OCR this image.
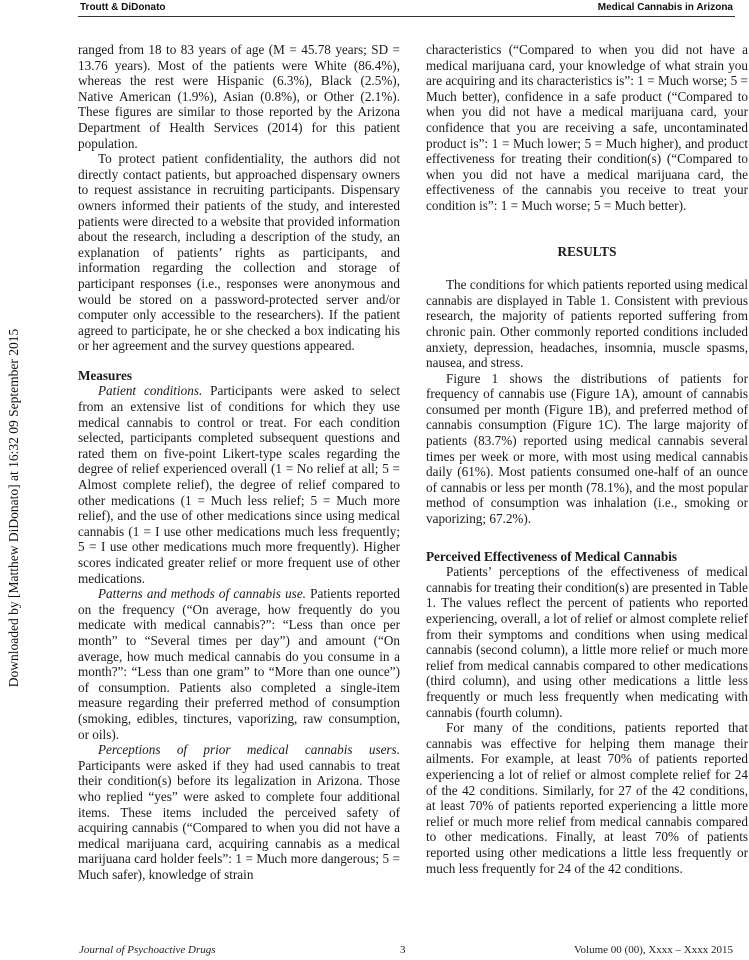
Troutt & DiDonato	Medical Cannabis in Arizona
Downloaded by [Matthew DiDonato] at 16:32 09 September 2015

ranged from 18 to 83 years of age (M = 45.78 years; SD = 13.76 years). Most of the patients were White (86.4%), whereas the rest were Hispanic (6.3%), Black (2.5%), Native American (1.9%), Asian (0.8%), or Other (2.1%). These figures are similar to those reported by the Arizona Department of Health Services (2014) for this patient population.

To protect patient confidentiality, the authors did not directly contact patients, but approached dispensary owners to request assistance in recruiting participants. Dispensary owners informed their patients of the study, and interested patients were directed to a website that provided information about the research, including a description of the study, an explanation of patients’ rights as participants, and information regarding the collection and storage of participant responses (i.e., responses were anonymous and would be stored on a password-protected server and/or computer only accessible to the researchers). If the patient agreed to participate, he or she checked a box indicating his or her agreement and the survey questions appeared.

Measures

Patient conditions. Participants were asked to select from an extensive list of conditions for which they use medical cannabis to control or treat. For each condition selected, participants completed subsequent questions and rated them on five-point Likert-type scales regarding the degree of relief experienced overall (1 = No relief at all; 5 = Almost complete relief), the degree of relief compared to other medications (1 = Much less relief; 5 = Much more relief), and the use of other medications since using medical cannabis (1 = I use other medications much less frequently; 5 = I use other medications much more frequently). Higher scores indicated greater relief or more frequent use of other medications.

Patterns and methods of cannabis use. Patients reported on the frequency (“On average, how frequently do you medicate with medical cannabis?”: “Less than once per month” to “Several times per day”) and amount (“On average, how much medical cannabis do you consume in a month?”: “Less than one gram” to “More than one ounce”) of consumption. Patients also completed a single-item measure regarding their preferred method of consumption (smoking, edibles, tinctures, vaporizing, raw consumption, or oils).

Perceptions of prior medical cannabis users. Participants were asked if they had used cannabis to treat their condition(s) before its legalization in Arizona. Those who replied “yes” were asked to complete four additional items. These items included the perceived safety of acquiring cannabis (“Compared to when you did not have a medical marijuana card, acquiring cannabis as a medical marijuana card holder feels”: 1 = Much more dangerous; 5 = Much safer), knowledge of strain

characteristics (“Compared to when you did not have a medical marijuana card, your knowledge of what strain you are acquiring and its characteristics is”: 1 = Much worse; 5 = Much better), confidence in a safe product (“Compared to when you did not have a medical marijuana card, your confidence that you are receiving a safe, uncontaminated product is”: 1 = Much lower; 5 = Much higher), and product effectiveness for treating their condition(s) (“Compared to when you did not have a medical marijuana card, the effectiveness of the cannabis you receive to treat your condition is”: 1 = Much worse; 5 = Much better).

RESULTS

The conditions for which patients reported using medical cannabis are displayed in Table 1. Consistent with previous research, the majority of patients reported suffering from chronic pain. Other commonly reported conditions included anxiety, depression, headaches, insomnia, muscle spasms, nausea, and stress.

Figure 1 shows the distributions of patients for frequency of cannabis use (Figure 1A), amount of cannabis consumed per month (Figure 1B), and preferred method of cannabis consumption (Figure 1C). The large majority of patients (83.7%) reported using medical cannabis several times per week or more, with most using medical cannabis daily (61%). Most patients consumed one-half of an ounce of cannabis or less per month (78.1%), and the most popular method of consumption was inhalation (i.e., smoking or vaporizing; 67.2%).

Perceived Effectiveness of Medical Cannabis

Patients’ perceptions of the effectiveness of medical cannabis for treating their condition(s) are presented in Table 1. The values reflect the percent of patients who reported experiencing, overall, a lot of relief or almost complete relief from their symptoms and conditions when using medical cannabis (second column), a little more relief or much more relief from medical cannabis compared to other medications (third column), and using other medications a little less frequently or much less frequently when medicating with cannabis (fourth column).

For many of the conditions, patients reported that cannabis was effective for helping them manage their ailments. For example, at least 70% of patients reported experiencing a lot of relief or almost complete relief for 24 of the 42 conditions. Similarly, for 27 of the 42 conditions, at least 70% of patients reported experiencing a little more relief or much more relief from medical cannabis compared to other medications. Finally, at least 70% of patients reported using other medications a little less frequently or much less frequently for 24 of the 42 conditions.

Journal of Psychoactive Drugs	3	Volume 00 (00), Xxxx – Xxxx 2015
